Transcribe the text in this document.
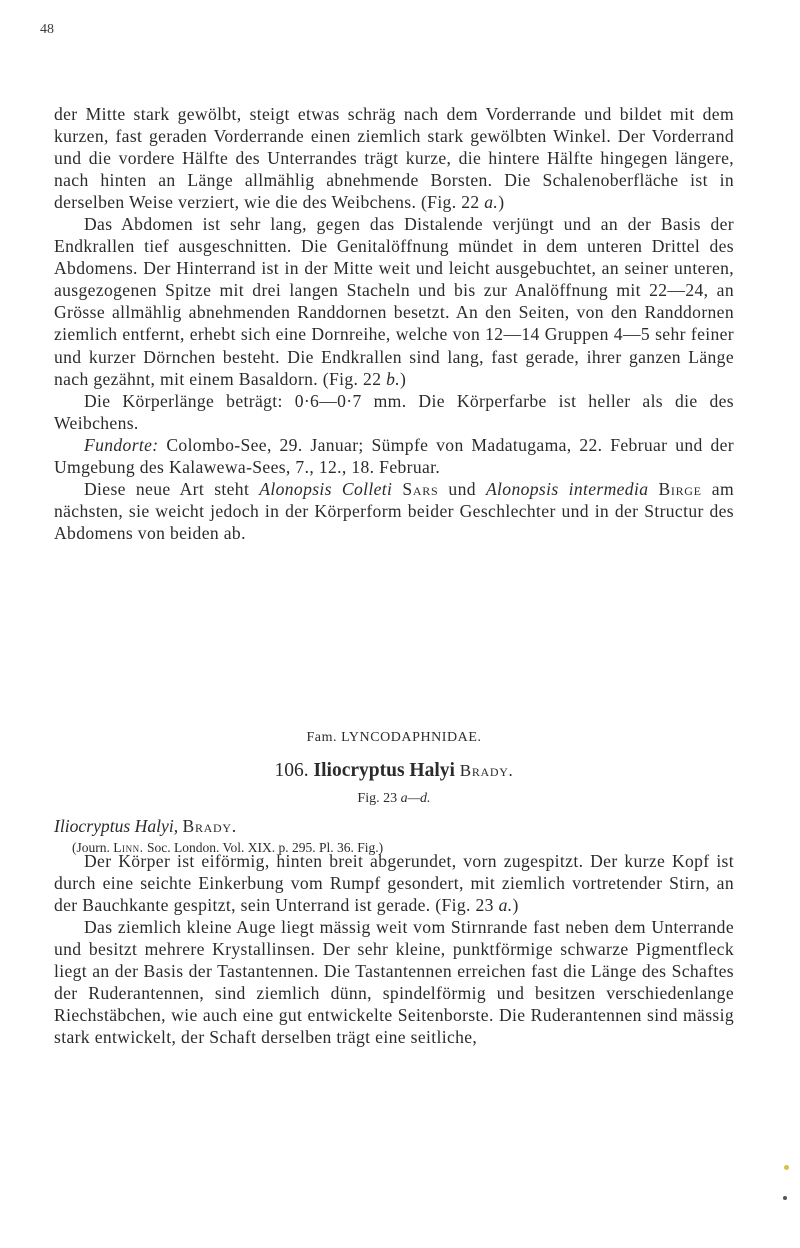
48

der Mitte stark gewölbt, steigt etwas schräg nach dem Vorderrande und bildet mit dem kurzen, fast geraden Vorderrande einen ziemlich stark gewölbten Winkel. Der Vorderrand und die vordere Hälfte des Unterrandes trägt kurze, die hintere Hälfte hingegen längere, nach hinten an Länge allmählig abnehmende Borsten. Die Schalenoberfläche ist in derselben Weise verziert, wie die des Weibchens. (Fig. 22 a.)

Das Abdomen ist sehr lang, gegen das Distalende verjüngt und an der Basis der Endkrallen tief ausgeschnitten. Die Genitalöffnung mündet in dem unteren Drittel des Abdomens. Der Hinterrand ist in der Mitte weit und leicht ausgebuchtet, an seiner unteren, ausgezogenen Spitze mit drei langen Stacheln und bis zur Analöffnung mit 22—24, an Grösse allmählig abnehmenden Randdornen besetzt. An den Seiten, von den Randdornen ziemlich entfernt, erhebt sich eine Dornreihe, welche von 12—14 Gruppen 4—5 sehr feiner und kurzer Dörnchen besteht. Die Endkrallen sind lang, fast gerade, ihrer ganzen Länge nach gezähnt, mit einem Basaldorn. (Fig. 22 b.)

Die Körperlänge beträgt: 0·6—0·7 mm. Die Körperfarbe ist heller als die des Weibchens.

Fundorte: Colombo-See, 29. Januar; Sümpfe von Madatugama, 22. Februar und der Umgebung des Kalawewa-Sees, 7., 12., 18. Februar.

Diese neue Art steht Alonopsis Colleti Sars und Alonopsis intermedia Birge am nächsten, sie weicht jedoch in der Körperform beider Geschlechter und in der Structur des Abdomens von beiden ab.

Fam. LYNCODAPHNIDAE.
106. Iliocryptus Halyi Brady.
Fig. 23 a—d.
Iliocryptus Halyi, Brady.
(Journ. Linn. Soc. London. Vol. XIX. p. 295. Pl. 36. Fig.)

Der Körper ist eiförmig, hinten breit abgerundet, vorn zugespitzt. Der kurze Kopf ist durch eine seichte Einkerbung vom Rumpf gesondert, mit ziemlich vortretender Stirn, an der Bauchkante gespitzt, sein Unterrand ist gerade. (Fig. 23 a.)

Das ziemlich kleine Auge liegt mässig weit vom Stirnrande fast neben dem Unterrande und besitzt mehrere Krystallinsen. Der sehr kleine, punktförmige schwarze Pigmentfleck liegt an der Basis der Tastantennen. Die Tastantennen erreichen fast die Länge des Schaftes der Ruderantennen, sind ziemlich dünn, spindelförmig und besitzen verschiedenlange Riechstäbchen, wie auch eine gut entwickelte Seitenborste. Die Ruderantennen sind mässig stark entwickelt, der Schaft derselben trägt eine seitliche,
